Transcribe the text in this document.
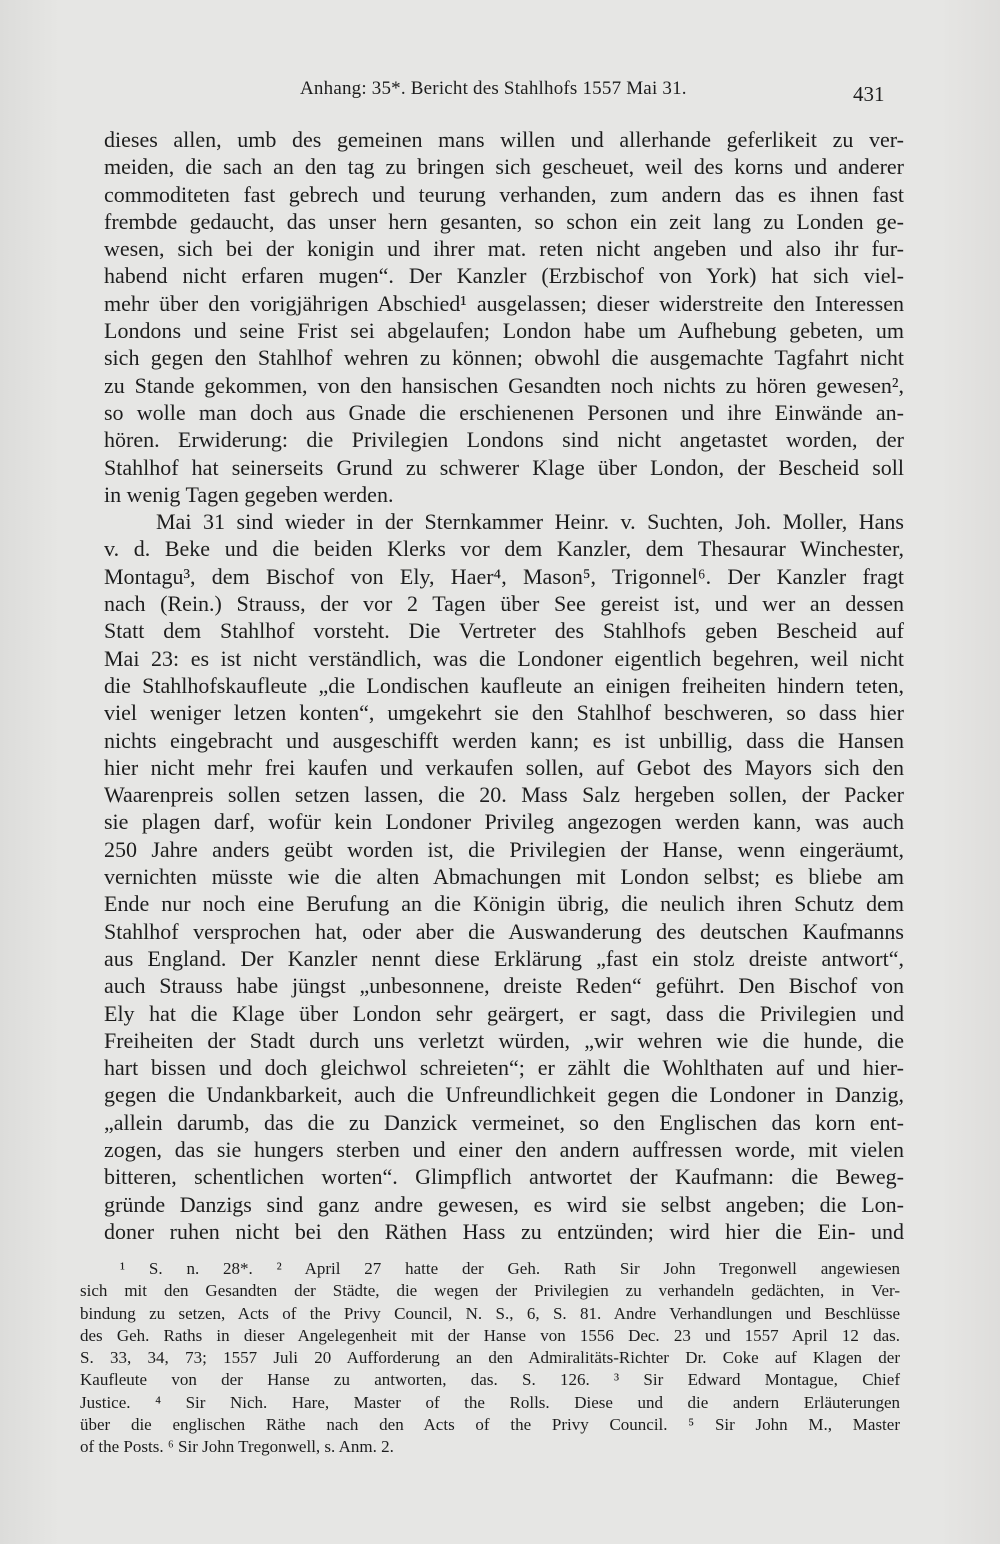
Anhang: 35*. Bericht des Stahlhofs 1557 Mai 31.	431
dieses allen, umb des gemeinen mans willen und allerhande geferlikeit zu ver-
meiden, die sach an den tag zu bringen sich gescheuet, weil des korns und anderer
commoditeten fast gebrech und teurung verhanden, zum andern das es ihnen fast
frembde gedaucht, das unser hern gesanten, so schon ein zeit lang zu Londen ge-
wesen, sich bei der konigin und ihrer mat. reten nicht angeben und also ihr fur-
habend nicht erfaren mugen“. Der Kanzler (Erzbischof von York) hat sich viel-
mehr über den vorigjährigen Abschied¹ ausgelassen; dieser widerstreite den Interessen
Londons und seine Frist sei abgelaufen; London habe um Aufhebung gebeten, um
sich gegen den Stahlhof wehren zu können; obwohl die ausgemachte Tagfahrt nicht
zu Stande gekommen, von den hansischen Gesandten noch nichts zu hören gewesen²,
so wolle man doch aus Gnade die erschienenen Personen und ihre Einwände an-
hören. Erwiderung: die Privilegien Londons sind nicht angetastet worden, der
Stahlhof hat seinerseits Grund zu schwerer Klage über London, der Bescheid soll
in wenig Tagen gegeben werden.
Mai 31 sind wieder in der Sternkammer Heinr. v. Suchten, Joh. Moller, Hans
v. d. Beke und die beiden Klerks vor dem Kanzler, dem Thesaurar Winchester,
Montagu³, dem Bischof von Ely, Haer⁴, Mason⁵, Trigonnel⁶. Der Kanzler fragt
nach (Rein.) Strauss, der vor 2 Tagen über See gereist ist, und wer an dessen
Statt dem Stahlhof vorsteht. Die Vertreter des Stahlhofs geben Bescheid auf
Mai 23: es ist nicht verständlich, was die Londoner eigentlich begehren, weil nicht
die Stahlhofskaufleute „die Londischen kaufleute an einigen freiheiten hindern teten,
viel weniger letzen konten“, umgekehrt sie den Stahlhof beschweren, so dass hier
nichts eingebracht und ausgeschifft werden kann; es ist unbillig, dass die Hansen
hier nicht mehr frei kaufen und verkaufen sollen, auf Gebot des Mayors sich den
Waarenpreis sollen setzen lassen, die 20. Mass Salz hergeben sollen, der Packer
sie plagen darf, wofür kein Londoner Privileg angezogen werden kann, was auch
250 Jahre anders geübt worden ist, die Privilegien der Hanse, wenn eingeräumt,
vernichten müsste wie die alten Abmachungen mit London selbst; es bliebe am
Ende nur noch eine Berufung an die Königin übrig, die neulich ihren Schutz dem
Stahlhof versprochen hat, oder aber die Auswanderung des deutschen Kaufmanns
aus England. Der Kanzler nennt diese Erklärung „fast ein stolz dreiste antwort“,
auch Strauss habe jüngst „unbesonnene, dreiste Reden“ geführt. Den Bischof von
Ely hat die Klage über London sehr geärgert, er sagt, dass die Privilegien und
Freiheiten der Stadt durch uns verletzt würden, „wir wehren wie die hunde, die
hart bissen und doch gleichwol schreieten“; er zählt die Wohlthaten auf und hier-
gegen die Undankbarkeit, auch die Unfreundlichkeit gegen die Londoner in Danzig,
„allein darumb, das die zu Danzick vermeinet, so den Englischen das korn ent-
zogen, das sie hungers sterben und einer den andern auffressen worde, mit vielen
bitteren, schentlichen worten“. Glimpflich antwortet der Kaufmann: die Beweg-
gründe Danzigs sind ganz andre gewesen, es wird sie selbst angeben; die Lon-
doner ruhen nicht bei den Räthen Hass zu entzünden; wird hier die Ein- und
¹ S. n. 28*. ² April 27 hatte der Geh. Rath Sir John Tregonwell angewiesen
sich mit den Gesandten der Städte, die wegen der Privilegien zu verhandeln gedächten, in Ver-
bindung zu setzen, Acts of the Privy Council, N. S., 6, S. 81. Andre Verhandlungen und Beschlüsse
des Geh. Raths in dieser Angelegenheit mit der Hanse von 1556 Dec. 23 und 1557 April 12 das.
S. 33, 34, 73; 1557 Juli 20 Aufforderung an den Admiralitäts-Richter Dr. Coke auf Klagen der
Kaufleute von der Hanse zu antworten, das. S. 126. ³ Sir Edward Montague, Chief
Justice. ⁴ Sir Nich. Hare, Master of the Rolls. Diese und die andern Erläuterungen
über die englischen Räthe nach den Acts of the Privy Council. ⁵ Sir John M., Master
of the Posts. ⁶ Sir John Tregonwell, s. Anm. 2.
